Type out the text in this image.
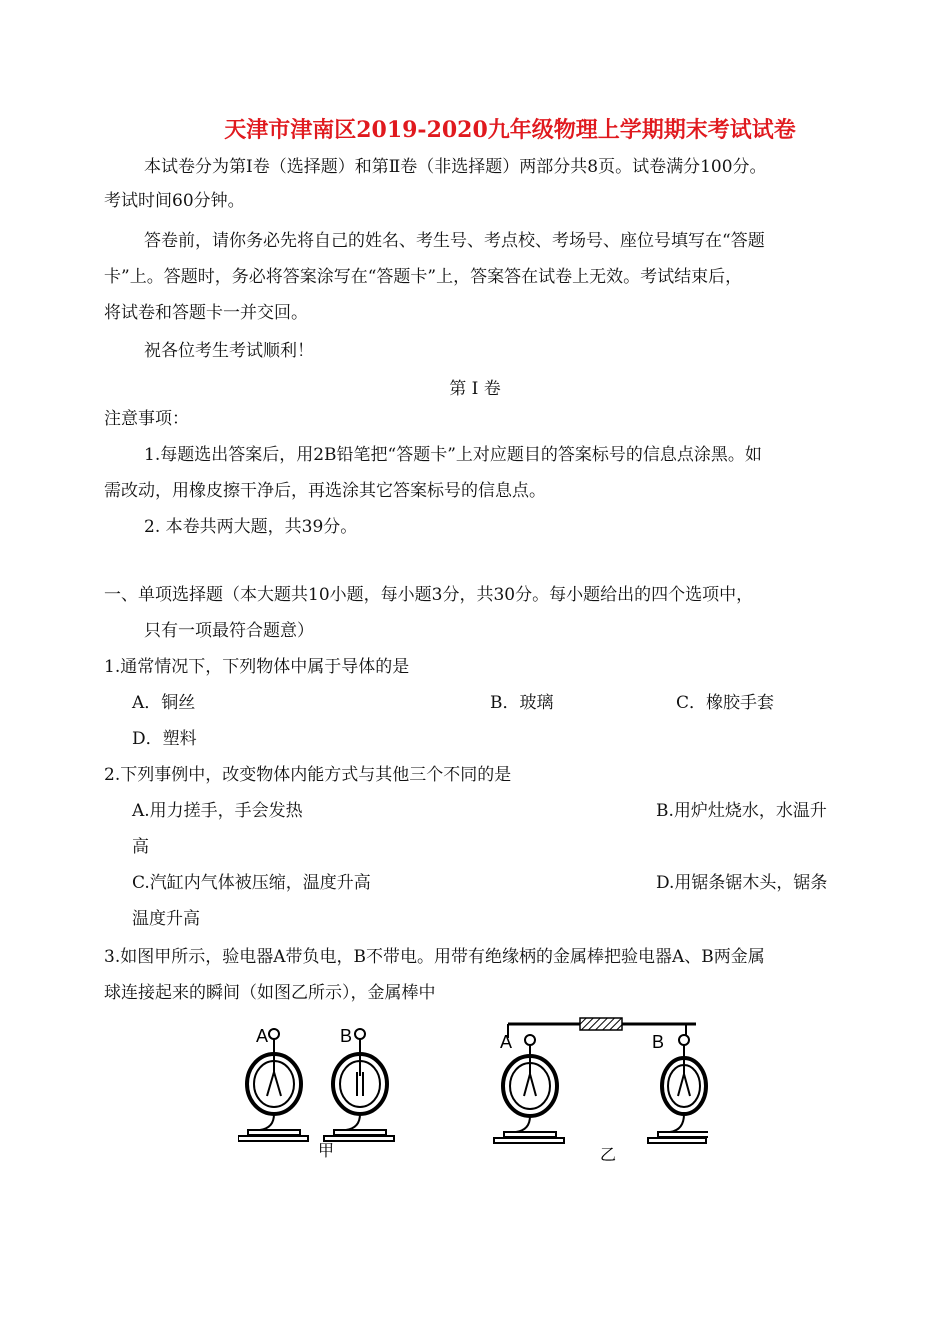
天津市津南区2019-2020九年级物理上学期期末考试试卷
本试卷分为第Ⅰ卷（选择题）和第Ⅱ卷（非选择题）两部分共8页。试卷满分100分。
考试时间60分钟。
答卷前，请你务必先将自己的姓名、考生号、考点校、考场号、座位号填写在“答题
卡”上。答题时，务必将答案涂写在“答题卡”上，答案答在试卷上无效。考试结束后，
将试卷和答题卡一并交回。
祝各位考生考试顺利！
第 Ⅰ 卷
注意事项：
1.每题选出答案后，用2B铅笔把“答题卡”上对应题目的答案标号的信息点涂黑。如
需改动，用橡皮擦干净后，再选涂其它答案标号的信息点。
2. 本卷共两大题，共39分。
一、单项选择题（本大题共10小题，每小题3分，共30分。每小题给出的四个选项中，
只有一项最符合题意）
1.通常情况下，下列物体中属于导体的是
A．铜丝	B．玻璃	C．橡胶手套
D．塑料
2.下列事例中，改变物体内能方式与其他三个不同的是
A.用力搓手，手会发热	B.用炉灶烧水，水温升
高
C.汽缸内气体被压缩，温度升高	D.用锯条锯木头，锯条
温度升高
3.如图甲所示，验电器A带负电，B不带电。用带有绝缘柄的金属棒把验电器A、B两金属
球连接起来的瞬间（如图乙所示），金属棒中
A	B
甲
A	B
乙
